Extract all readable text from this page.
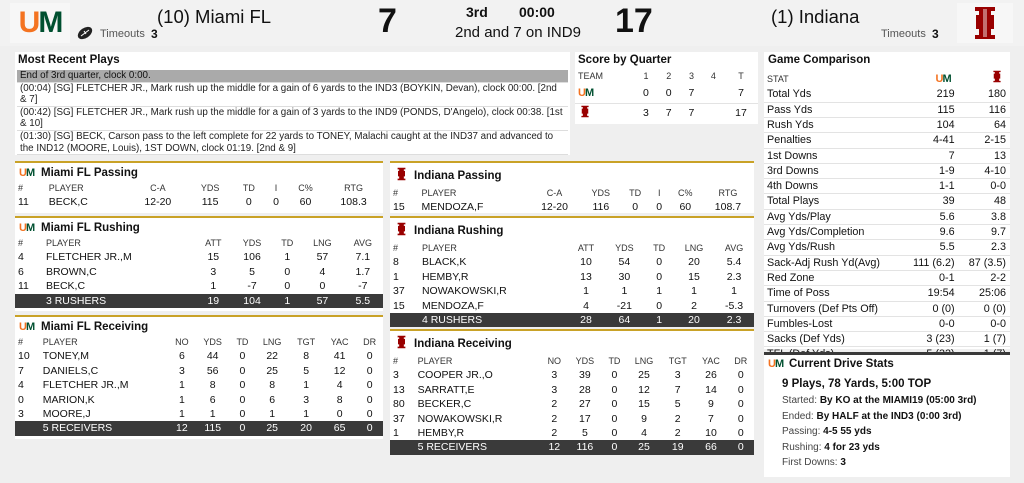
UM	(10) Miami FL
Timeouts 3	7	3rd 00:00
2nd and 7 on IND9 17	(1) Indiana
Timeouts 3
Most Recent Plays
End of 3rd quarter, clock 0:00.
(00:04) [SG] FLETCHER JR., Mark rush up the middle for a gain of 6 yards to the IND3 (BOYKIN, Devan), clock 00:00. [2nd & 7]
(00:42) [SG] FLETCHER JR., Mark rush up the middle for a gain of 3 yards to the IND9 (PONDS, D'Angelo), clock 00:38. [1st & 10]
(01:30) [SG] BECK, Carson pass to the left complete for 22 yards to TONEY, Malachi caught at the IND37 and advanced to the IND12 (MOORE, Louis), 1ST DOWN, clock 01:19. [2nd & 9]
Score by Quarter
TEAM	1	2	3	4	T
UM	0	0	7		7
	3	7	7		17
Game Comparison
STAT	UM	
Total Yds	219	180
Pass Yds	115	116
Rush Yds	104	64
Penalties	4-41	2-15
1st Downs	7	13
3rd Downs	1-9	4-10
4th Downs	1-1	0-0
Total Plays	39	48
Avg Yds/Play	5.6	3.8
Avg Yds/Completion	9.6	9.7
Avg Yds/Rush	5.5	2.3
Sack-Adj Rush Yd(Avg)	111 (6.2)	87 (3.5)
Red Zone	0-1	2-2
Time of Poss	19:54	25:06
Turnovers (Def Pts Off)	0 (0)	0 (0)
Fumbles-Lost	0-0	0-0
Sacks (Def Yds)	3 (23)	1 (7)

UM Current Drive Stats
9 Plays, 78 Yards, 5:00 TOP
Started: By KO at the MIAMI19 (05:00 3rd)
Ended: By HALF at the IND3 (0:00 3rd)
Passing: 4-5 55 yds
Rushing: 4 for 23 yds
First Downs: 3
UM Miami FL Passing
#	PLAYER	C-A	YDS	TD	I	C%	RTG
11	BECK,C	12-20	115	0	0	60	108.3
UM Miami FL Rushing
#	PLAYER	ATT	YDS	TD	LNG	AVG
4	FLETCHER JR.,M	15	106	1	57	7.1
6	BROWN,C	3	5	0	4	1.7
11	BECK,C	1	-7	0	0	-7
	3 RUSHERS	19	104	1	57	5.5
UM Miami FL Receiving
#	PLAYER	NO	YDS	TD	LNG	TGT	YAC	DR
10	TONEY,M	6	44	0	22	8	41	0
7	DANIELS,C	3	56	0	25	5	12	0
4	FLETCHER JR.,M	1	8	0	8	1	4	0
0	MARION,K	1	6	0	6	3	8	0
3	MOORE,J	1	1	0	1	1	0	0
	5 RECEIVERS	12	115	0	25	20	65	0
Indiana Passing
#	PLAYER	C-A	YDS	TD	I	C%	RTG
15	MENDOZA,F	12-20	116	0	0	60	108.7
Indiana Rushing
#	PLAYER	ATT	YDS	TD	LNG	AVG
8	BLACK,K	10	54	0	20	5.4
1	HEMBY,R	13	30	0	15	2.3
37	NOWAKOWSKI,R	1	1	1	1	1
15	MENDOZA,F	4	-21	0	2	-5.3
	4 RUSHERS	28	64	1	20	2.3
Indiana Receiving
#	PLAYER	NO	YDS	TD	LNG	TGT	YAC	DR
3	COOPER JR.,O	3	39	0	25	3	26	0
13	SARRATT,E	3	28	0	12	7	14	0
80	BECKER,C	2	27	0	15	5	9	0
37	NOWAKOWSKI,R	2	17	0	9	2	7	0
1	HEMBY,R	2	5	0	4	2	10	0
	5 RECEIVERS	12	116	0	25	19	66	0
